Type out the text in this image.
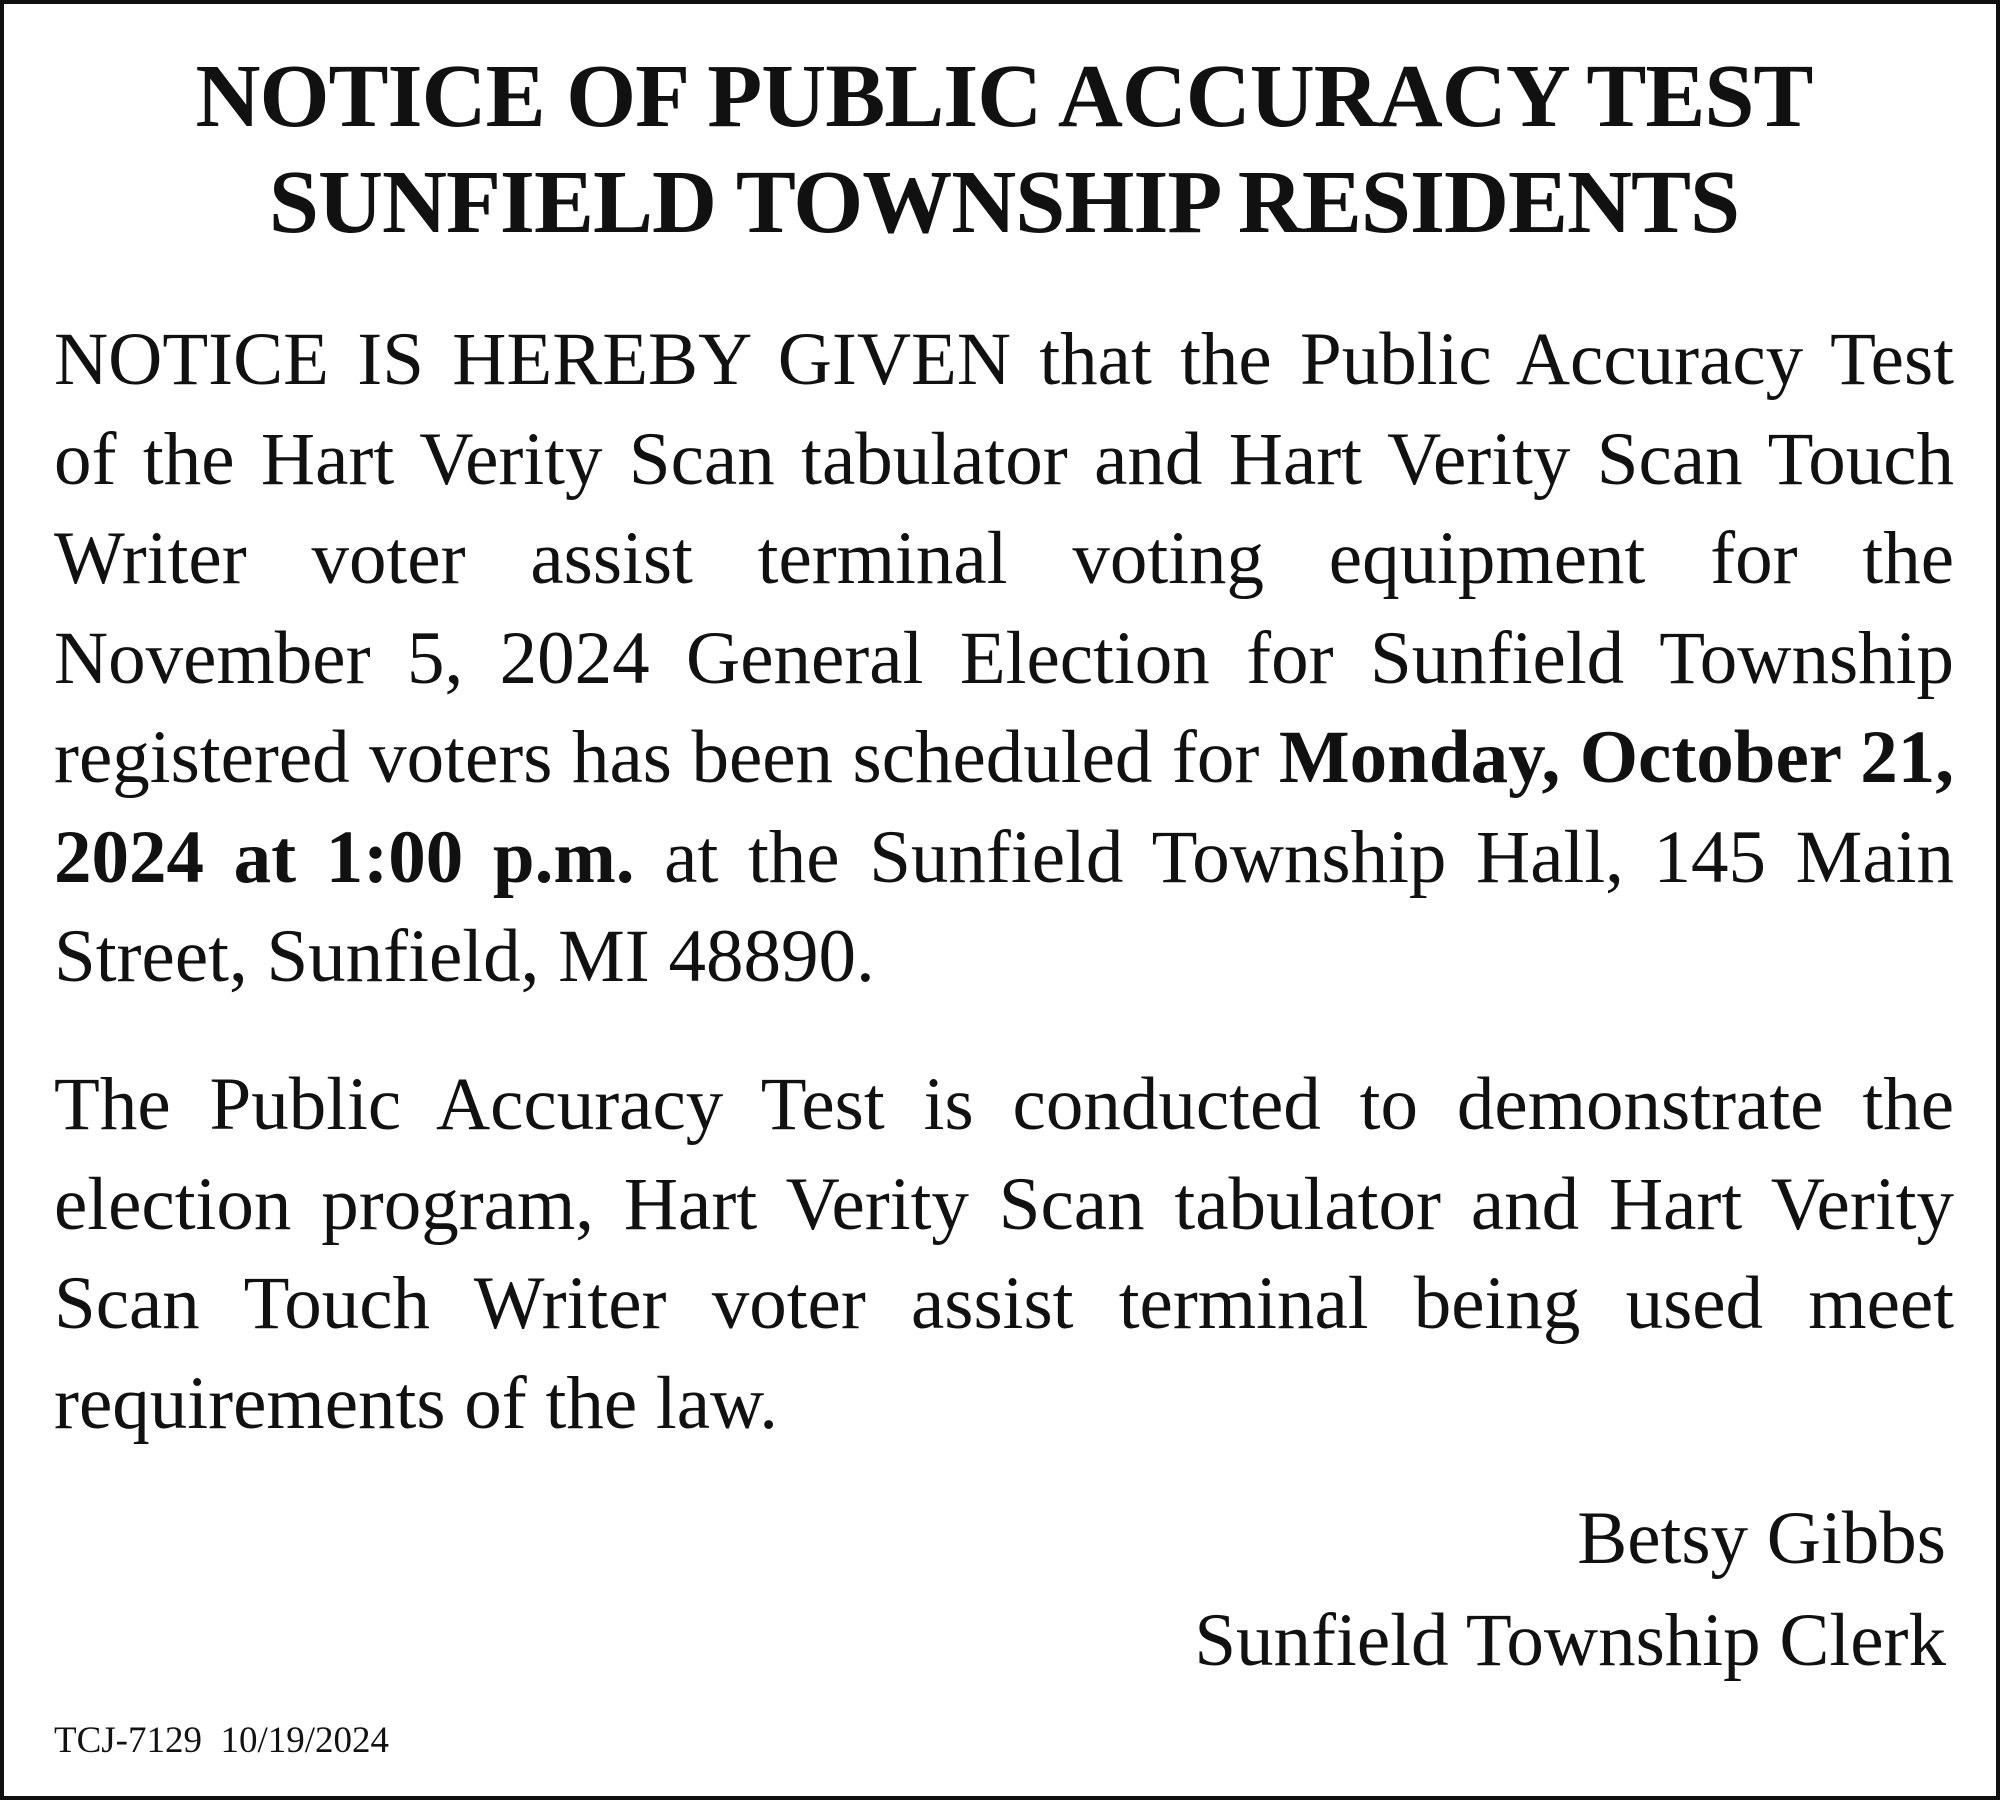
NOTICE OF PUBLIC ACCURACY TEST
SUNFIELD TOWNSHIP RESIDENTS

NOTICE IS HEREBY GIVEN that the Public Accuracy Test of the Hart Verity Scan tabulator and Hart Verity Scan Touch Writer voter assist terminal voting equipment for the November 5, 2024 General Election for Sunfield Township registered voters has been scheduled for Monday, October 21, 2024 at 1:00 p.m. at the Sunfield Township Hall, 145 Main Street, Sunfield, MI 48890.

The Public Accuracy Test is conducted to demonstrate the election program, Hart Verity Scan tabulator and Hart Verity Scan Touch Writer voter assist terminal being used meet requirements of the law.

Betsy Gibbs
Sunfield Township Clerk
TCJ-7129 10/19/2024
